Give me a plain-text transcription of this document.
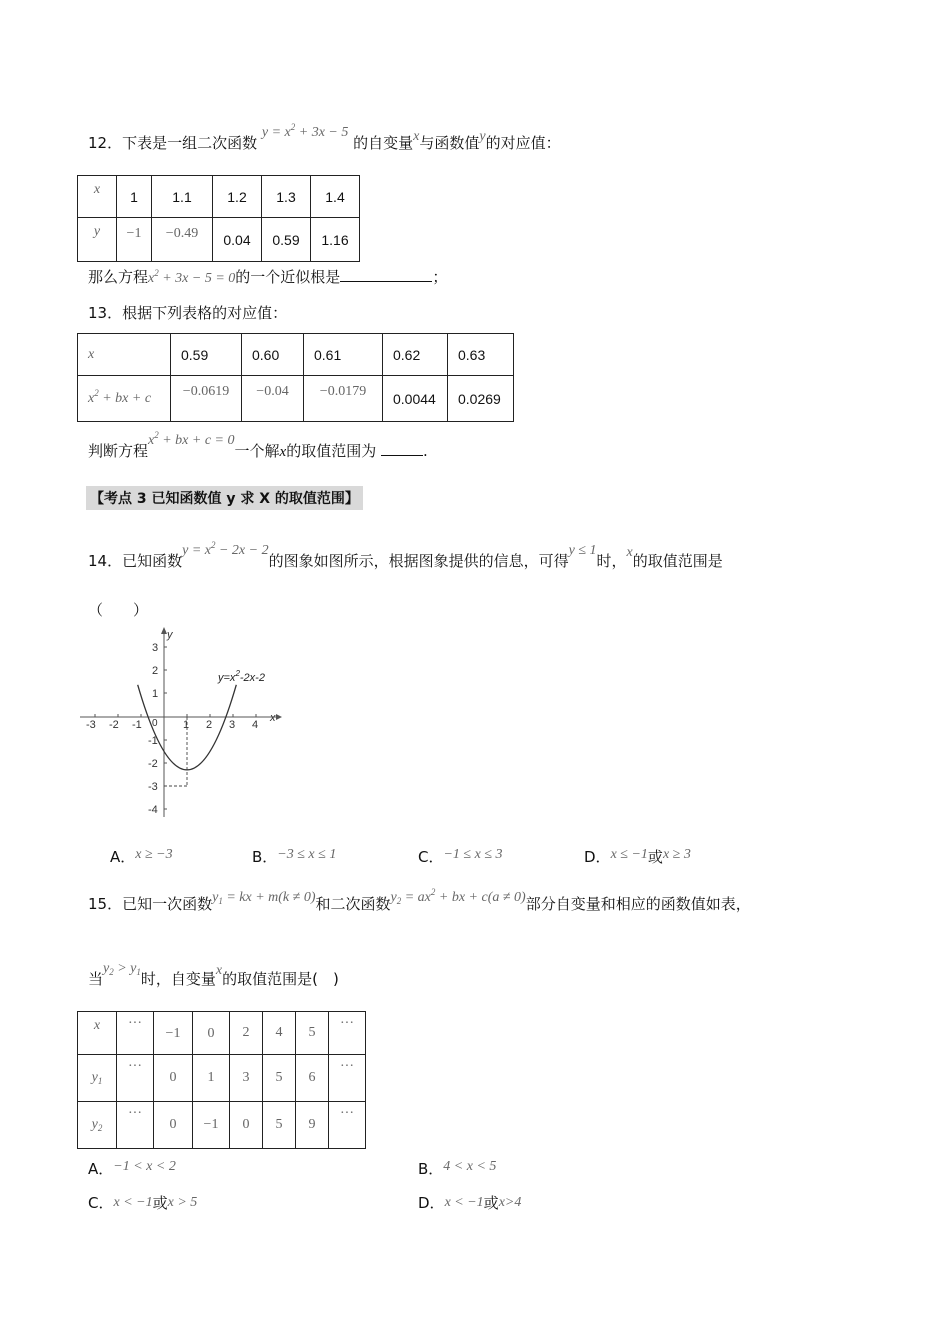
12．下表是一组二次函数 $y = x^2 + 3x - 5$ 的自变量x与函数值y的对应值：
x	1	1.1	1.2	1.3	1.4
y	−1	−0.49	0.04	0.59	1.16
那么方程$x^2 + 3x - 5 = 0$的一个近似根是	；
13．根据下列表格的对应值：
x	0.59	0.60	0.61	0.62	0.63
$x^2$ + bx + c	−0.0619	−0.04	−0.0179	0.0044	0.0269
判断方程$x^2$ + bx + c = 0一个解x的取值范围为	.
【考点 3 已知函数值 y 求 X 的取值范围】
14．已知函数$y = x^2 - 2x - 2$的图象如图所示，根据图象提供的信息，可得y ≤ 1时，x的取值范围是
（　　）
y
x
-3 -2 -1 0 1 2 3 4
3
2
1
-1
-2
-3
-4
$y=x^2-2x-2$
A．x ≥ −3	B．−3 ≤ x ≤ 1	C．−1 ≤ x ≤ 3	D．x ≤ −1或x ≥ 3
15．已知一次函数$y_1$ = kx + m(k ≠ 0)和二次函数$y_2 = ax^2$ + bx + c(a ≠ 0)部分自变量和相应的函数值如表，
当$y_2 > y_1$时，自变量x的取值范围是(　)
x	···	−1	0	2	4	5	···
$y_1$	···	0	1	3	5	6	···
$y_2$	···	0	−1	0	5	9	···
A．−1 < x < 2	B．4 < x < 5
C．x < −1或x > 5	D．x < −1或x>4
